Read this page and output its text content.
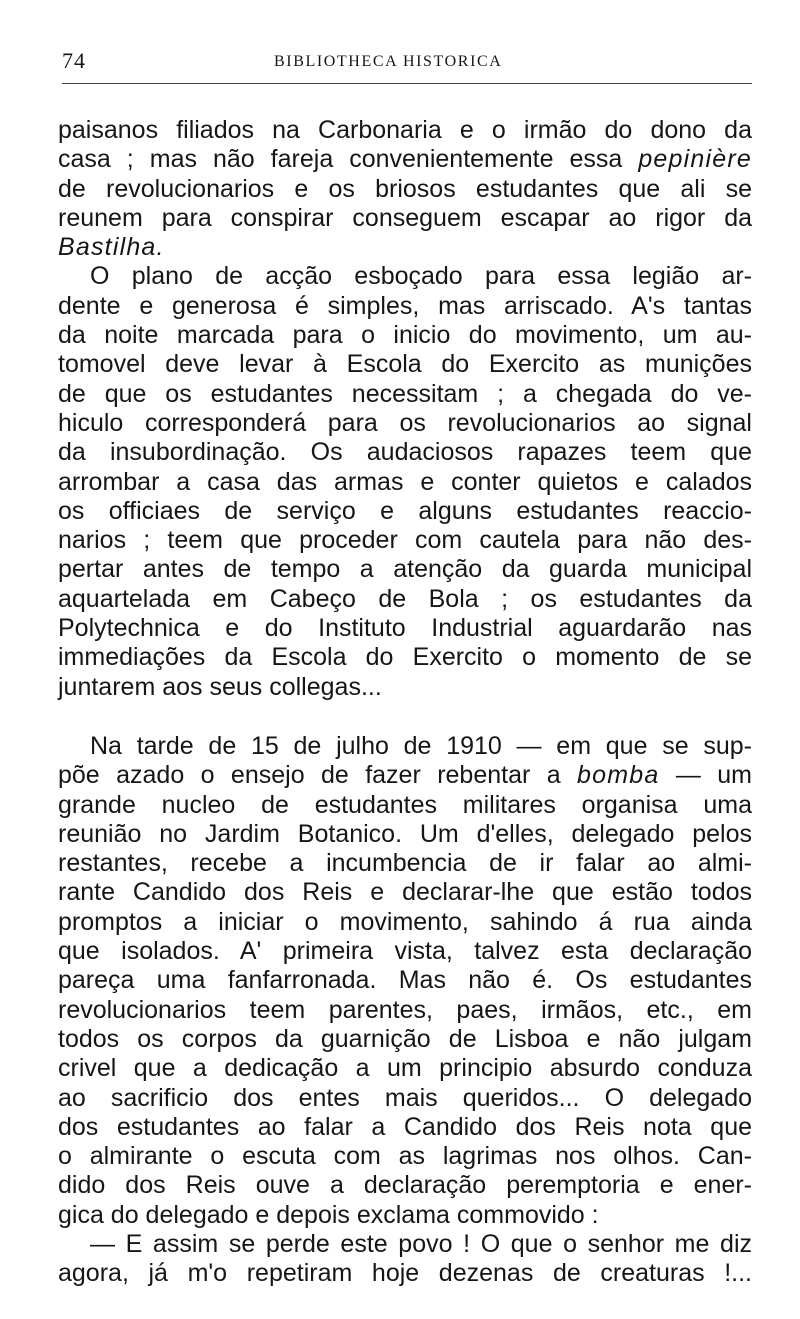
74	BIBLIOTHECA HISTORICA
paisanos filiados na Carbonaria e o irmão do dono da
casa ; mas não fareja convenientemente essa pepinière
de revolucionarios e os briosos estudantes que ali se
reunem para conspirar conseguem escapar ao rigor da
Bastilha.
O plano de acção esboçado para essa legião ar-
dente e generosa é simples, mas arriscado. A's tantas
da noite marcada para o inicio do movimento, um au-
tomovel deve levar à Escola do Exercito as munições
de que os estudantes necessitam ; a chegada do ve-
hiculo corresponderá para os revolucionarios ao signal
da insubordinação. Os audaciosos rapazes teem que
arrombar a casa das armas e conter quietos e calados
os officiaes de serviço e alguns estudantes reaccio-
narios ; teem que proceder com cautela para não des-
pertar antes de tempo a atenção da guarda municipal
aquartelada em Cabeço de Bola ; os estudantes da
Polytechnica e do Instituto Industrial aguardarão nas
immediações da Escola do Exercito o momento de se
juntarem aos seus collegas...
Na tarde de 15 de julho de 1910 — em que se sup-
põe azado o ensejo de fazer rebentar a bomba — um
grande nucleo de estudantes militares organisa uma
reunião no Jardim Botanico. Um d'elles, delegado pelos
restantes, recebe a incumbencia de ir falar ao almi-
rante Candido dos Reis e declarar-lhe que estão todos
promptos a iniciar o movimento, sahindo á rua ainda
que isolados. A' primeira vista, talvez esta declaração
pareça uma fanfarronada. Mas não é. Os estudantes
revolucionarios teem parentes, paes, irmãos, etc., em
todos os corpos da guarnição de Lisboa e não julgam
crivel que a dedicação a um principio absurdo conduza
ao sacrificio dos entes mais queridos... O delegado
dos estudantes ao falar a Candido dos Reis nota que
o almirante o escuta com as lagrimas nos olhos. Can-
dido dos Reis ouve a declaração peremptoria e ener-
gica do delegado e depois exclama commovido :
— E assim se perde este povo ! O que o senhor me diz
agora, já m'o repetiram hoje dezenas de creaturas !...
